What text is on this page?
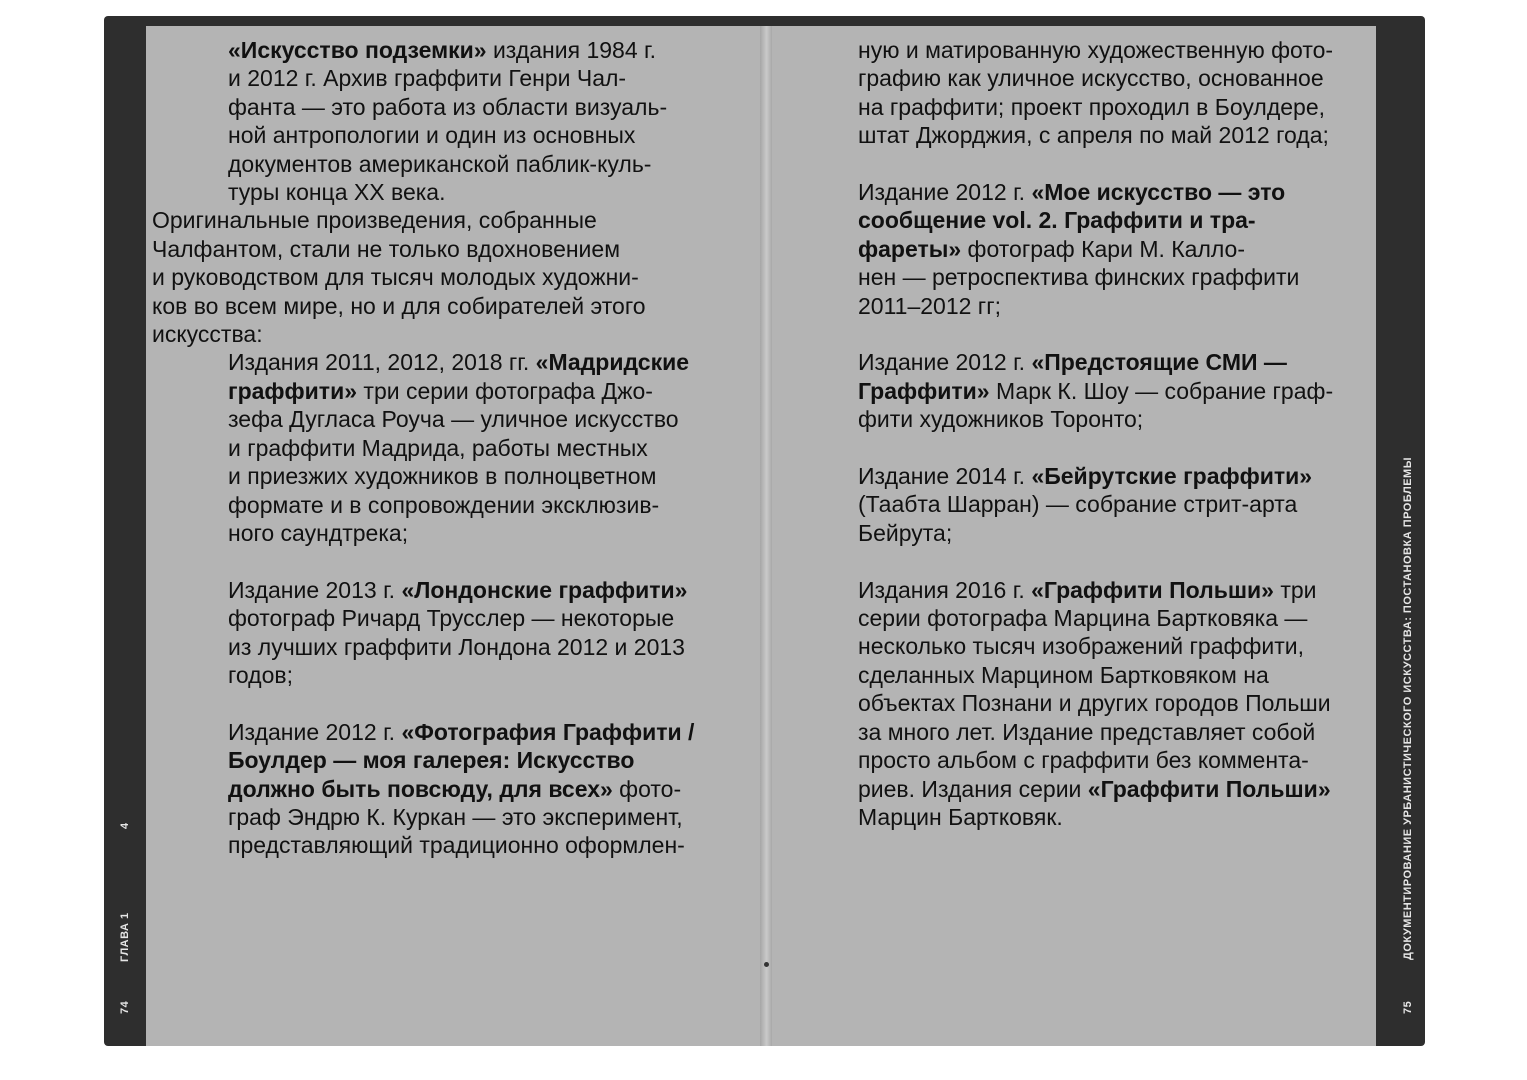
74
ГЛАВА 1
4
75
ДОКУМЕНТИРОВАНИЕ УРБАНИСТИЧЕСКОГО ИСКУССТВА: ПОСТАНОВКА ПРОБЛЕМЫ

«Искусство подземки» издания 1984 г.

и 2012 г. Архив граффити Генри Чал-

фанта — это работа из области визуаль-

ной антропологии и один из основных

документов американской паблик-куль-

туры конца XX века.

Оригинальные произведения, собранные

Чалфантом, стали не только вдохновением

и руководством для тысяч молодых художни-

ков во всем мире, но и для собирателей этого

искусства:

Издания 2011, 2012, 2018 гг. «Мадридские

граффити» три серии фотографа Джо-

зефа Дугласа Роуча — уличное искусство

и граффити Мадрида, работы местных

и приезжих художников в полноцветном

формате и в сопровождении эксклюзив-

ного саундтрека;

Издание 2013 г. «Лондонские граффити»

фотограф Ричард Трусслер — некоторые

из лучших граффити Лондона 2012 и 2013

годов;

Издание 2012 г. «Фотография Граффити /

Боулдер — моя галерея: Искусство

должно быть повсюду, для всех» фото-

граф Эндрю К. Куркан — это эксперимент,

представляющий традиционно оформлен-

ную и матированную художественную фото-

графию как уличное искусство, основанное

на граффити; проект проходил в Боулдере,

штат Джорджия, с апреля по май 2012 года;

Издание 2012 г. «Мое искусство — это

сообщение vol. 2. Граффити и тра-

фареты» фотограф Кари М. Калло-

нен — ретроспектива финских граффити

2011–2012 гг;

Издание 2012 г. «Предстоящие СМИ —

Граффити» Марк К. Шоу — собрание граф-

фити художников Торонто;

Издание 2014 г. «Бейрутские граффити»

(Таабта Шарран) — собрание стрит-арта

Бейрута;

Издания 2016 г. «Граффити Польши» три

серии фотографа Марцина Бартковяка —

несколько тысяч изображений граффити,

сделанных Марцином Бартковяком на

объектах Познани и других городов Польши

за много лет. Издание представляет собой

просто альбом с граффити без коммента-

риев. Издания серии «Граффити Польши»

Марцин Бартковяк.
